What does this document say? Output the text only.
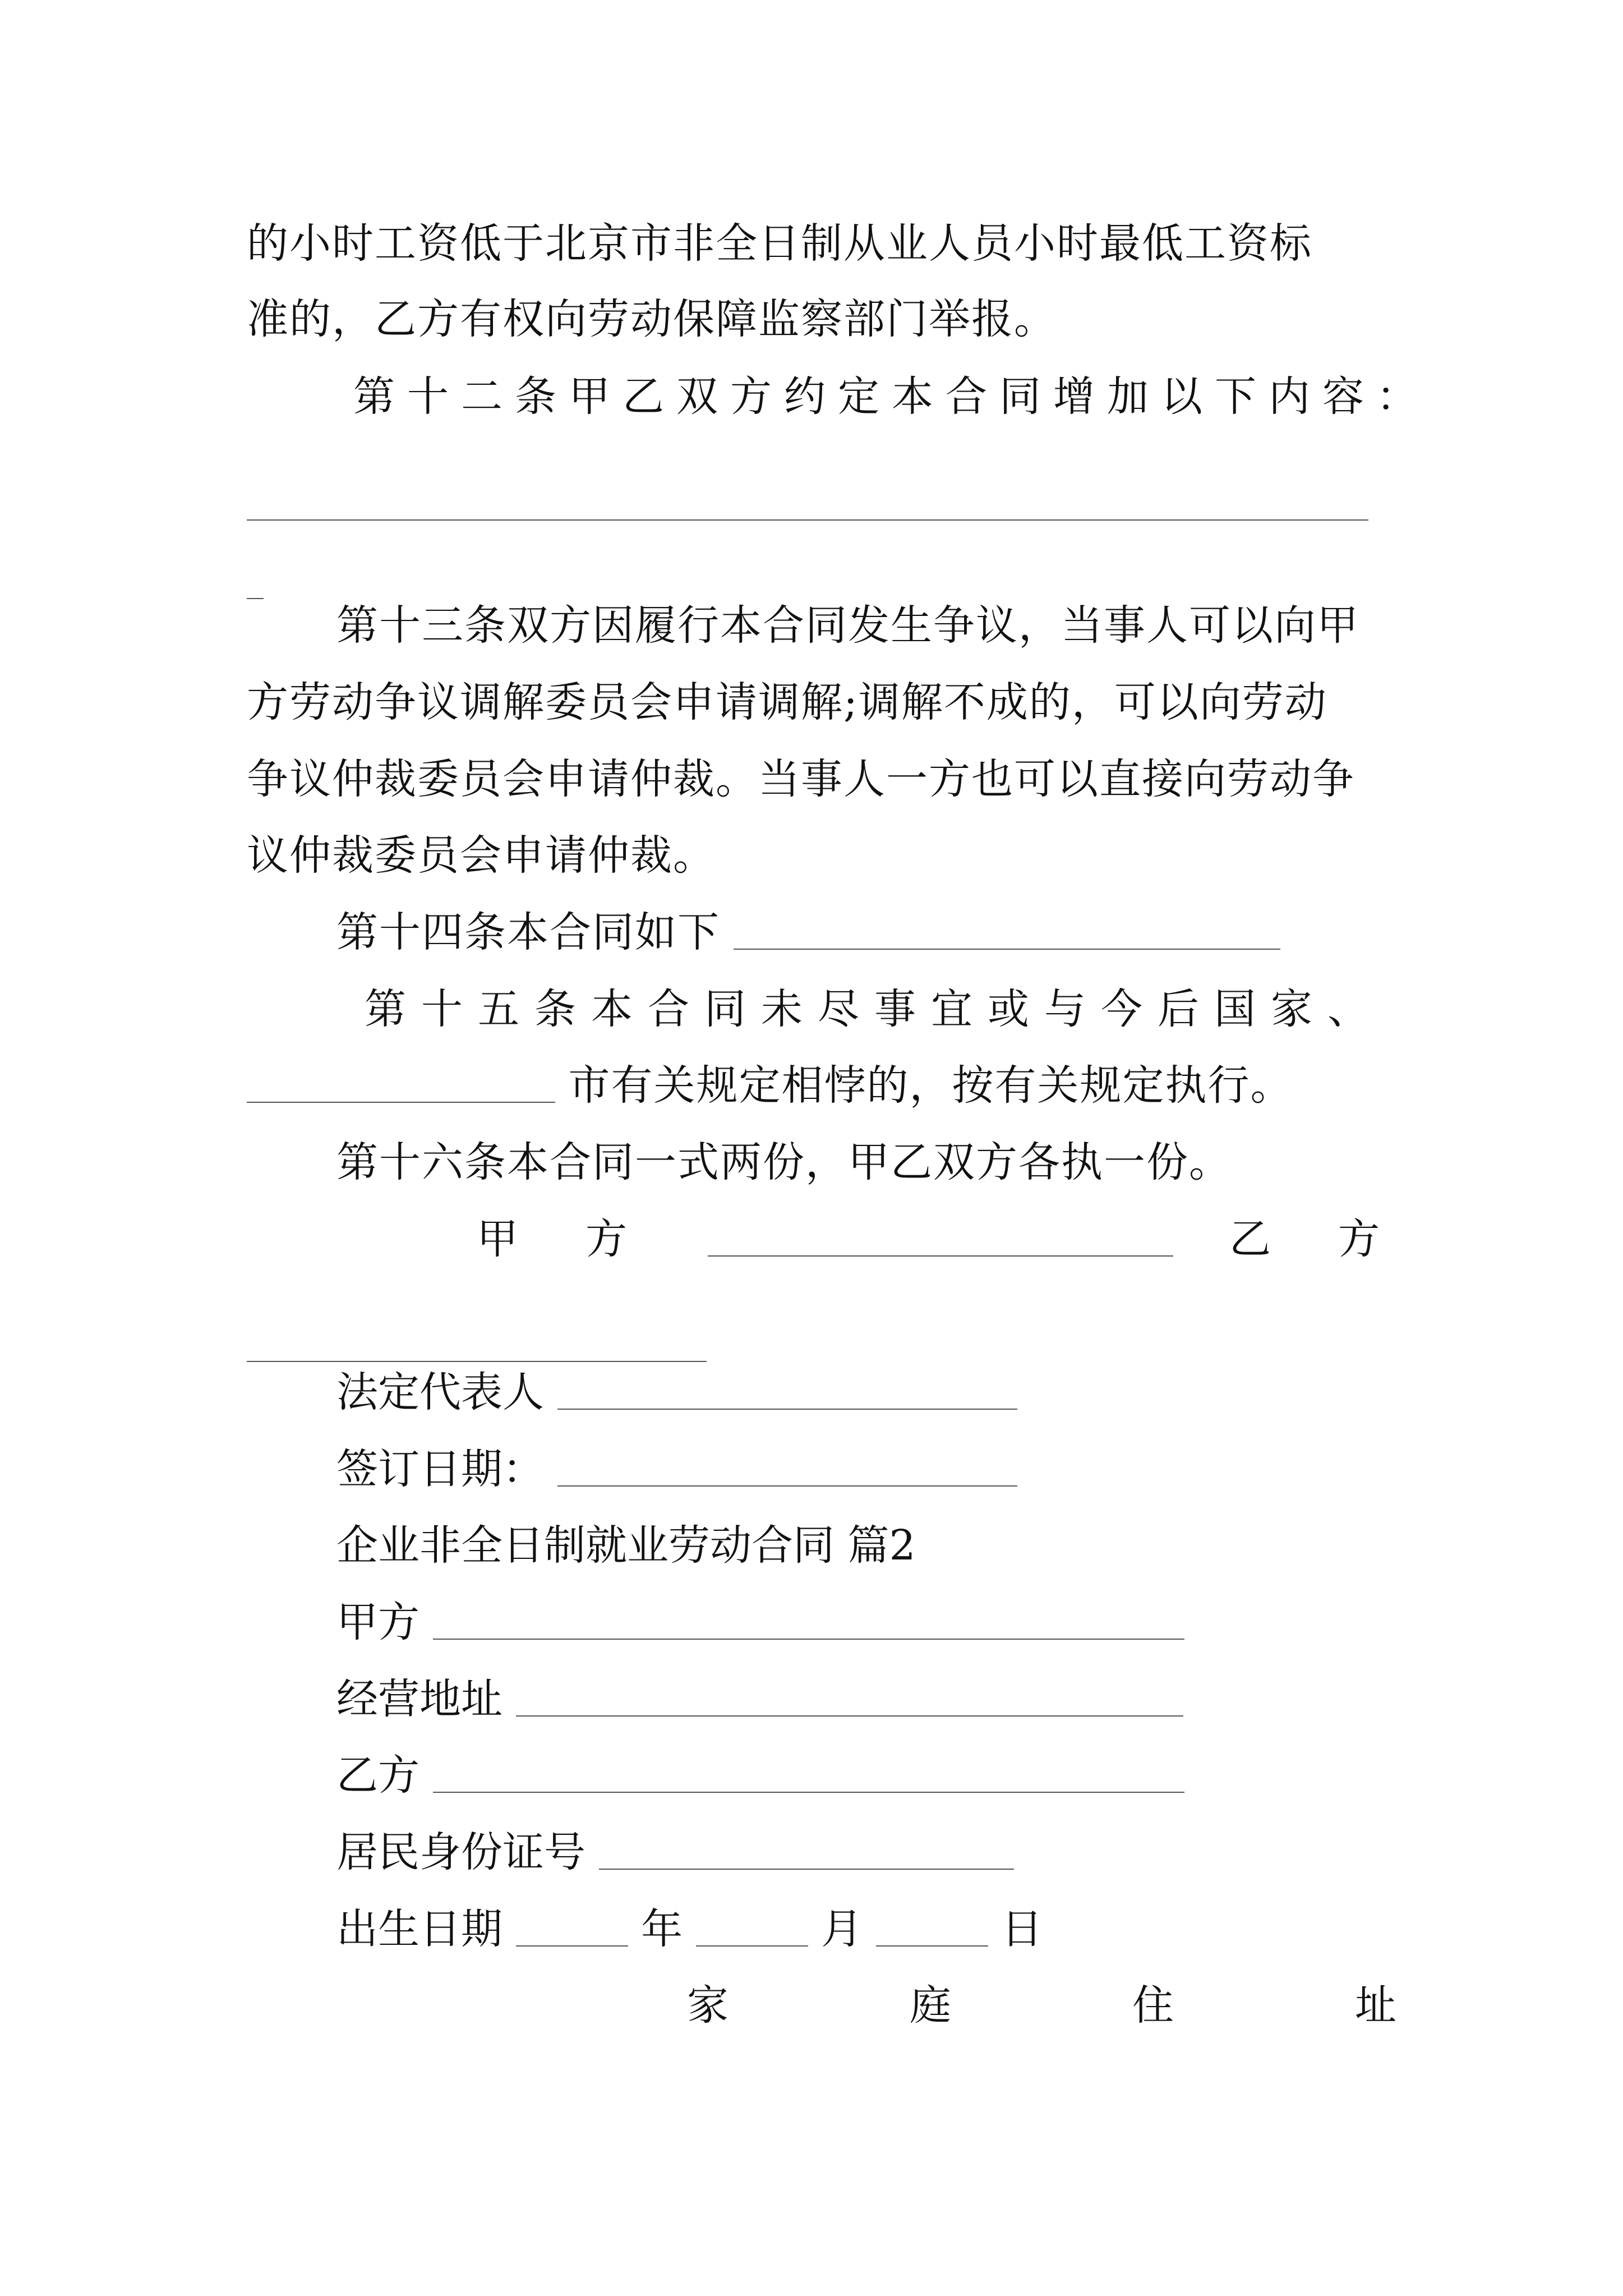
的小时工资低于北京市非全日制从业人员小时最低工资标
准的，乙方有权向劳动保障监察部门举报。
第十二条甲乙双方约定本合同增加以下内容：
第十三条双方因履行本合同发生争议，当事人可以向甲
方劳动争议调解委员会申请调解;调解不成的，可以向劳动
争议仲裁委员会申请仲裁。当事人一方也可以直接向劳动争
议仲裁委员会申请仲裁。
第十四条本合同如下
第十五条本合同未尽事宜或与今后国家、
市有关规定相悖的，按有关规定执行。
第十六条本合同一式两份，甲乙双方各执一份。
甲方	乙方
法定代表人
签订日期：
企业非全日制就业劳动合同 篇2
甲方
经营地址
乙方
居民身份证号
出生日期	年	月	日
家庭住址
